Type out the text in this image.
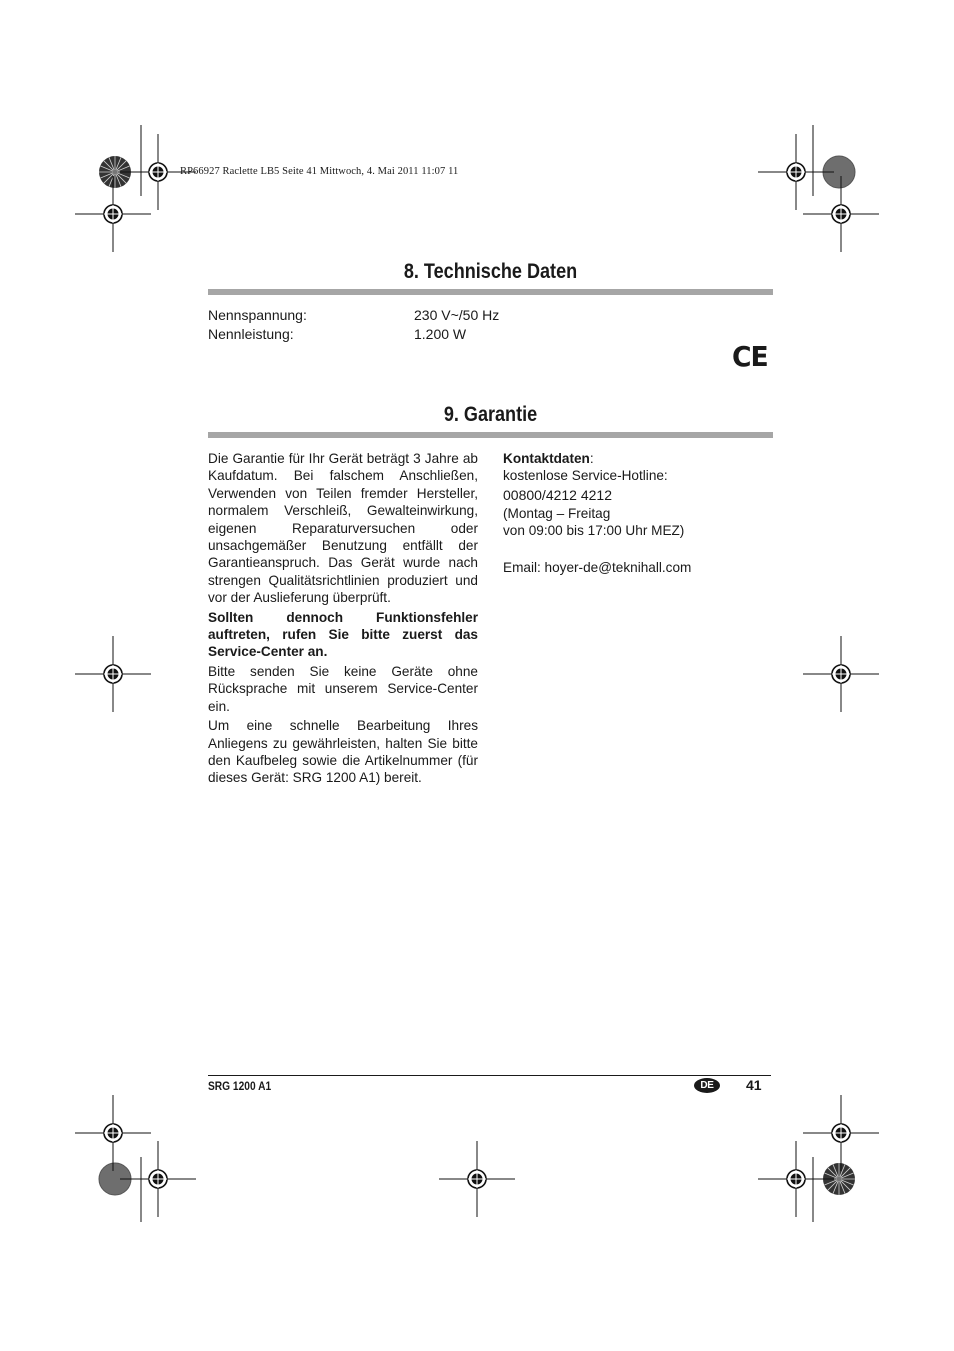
RP66927 Raclette LB5 Seite 41 Mittwoch, 4. Mai 2011 11:07 11
8. Technische Daten
Nennspannung:	230 V~/50 Hz
Nennleistung:	1.200 W
CE
9. Garantie

Die Garantie für Ihr Gerät beträgt 3 Jahre ab Kaufdatum. Bei falschem Anschließen, Verwenden von Teilen fremder Hersteller, normalem Verschleiß, Gewalteinwirkung, eigenen Reparaturversuchen oder unsachgemäßer Benutzung entfällt der Garantieanspruch. Das Gerät wurde nach strengen Qualitätsrichtlinien produziert und vor der Auslieferung überprüft.

Sollten dennoch Funktionsfehler auftreten, rufen Sie bitte zuerst das Service-Center an.

Bitte senden Sie keine Geräte ohne Rücksprache mit unserem Service-Center ein.

Um eine schnelle Bearbeitung Ihres Anliegens zu gewährleisten, halten Sie bitte den Kaufbeleg sowie die Artikelnummer (für dieses Gerät: SRG 1200 A1) bereit.

Kontaktdaten:
kostenlose Service-Hotline:
00800/4212 4212
(Montag – Freitag
von 09:00 bis 17:00 Uhr MEZ)
Email: hoyer-de@teknihall.com
SRG 1200 A1	DE	41
